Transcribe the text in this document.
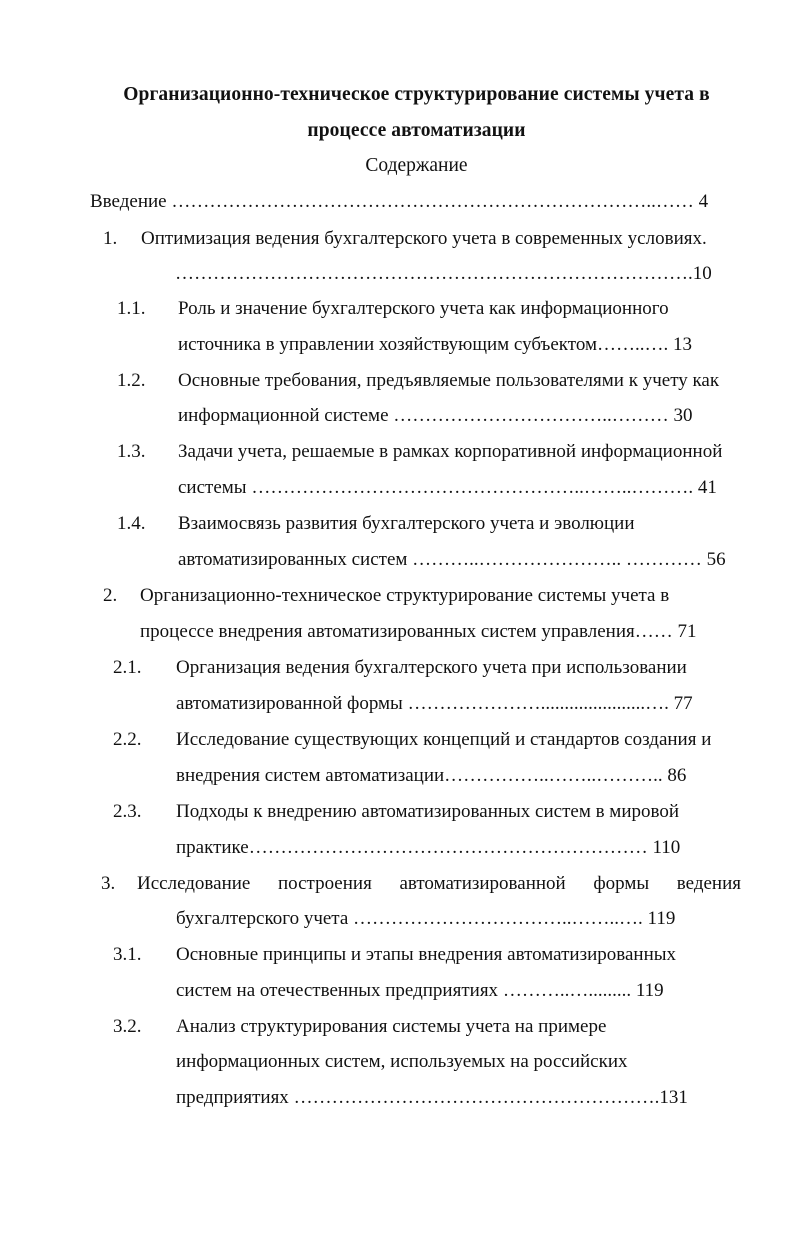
Организационно-техническое структурирование системы учета в
процессе автоматизации
Содержание
Введение …………………………………………………………………..…… 4
1. Оптимизация ведения бухгалтерского учета в современных условиях.
……………………………………………………………………….10
1.1. Роль и значение бухгалтерского учета как информационного
источника в управлении хозяйствующим субъектом……..…. 13
1.2. Основные требования, предъявляемые пользователями к учету как
информационной системе ……………………………..……… 30
1.3. Задачи учета, решаемые в рамках корпоративной информационной
системы ……………………………………………..……..………. 41
1.4. Взаимосвязь развития бухгалтерского учета и эволюции
автоматизированных систем ………..………………….. ………… 56
2. Организационно-техническое структурирование системы учета в
процессе внедрения автоматизированных систем управления…… 71
2.1. Организация ведения бухгалтерского учета при использовании
автоматизированной формы …………………......................…. 77
2.2. Исследование существующих концепций и стандартов создания и
внедрения систем автоматизации……………..……..……….. 86
2.3. Подходы к внедрению автоматизированных систем в мировой
практике……………………………………………………… 110
3. Исследование построения автоматизированной формы ведения
бухгалтерского учета ……………………………..……..…. 119
3.1. Основные принципы и этапы внедрения автоматизированных
систем на отечественных предприятиях ………..…......... 119
3.2. Анализ структурирования системы учета на примере
информационных систем, используемых на российских
предприятиях ………………………………………………….131
